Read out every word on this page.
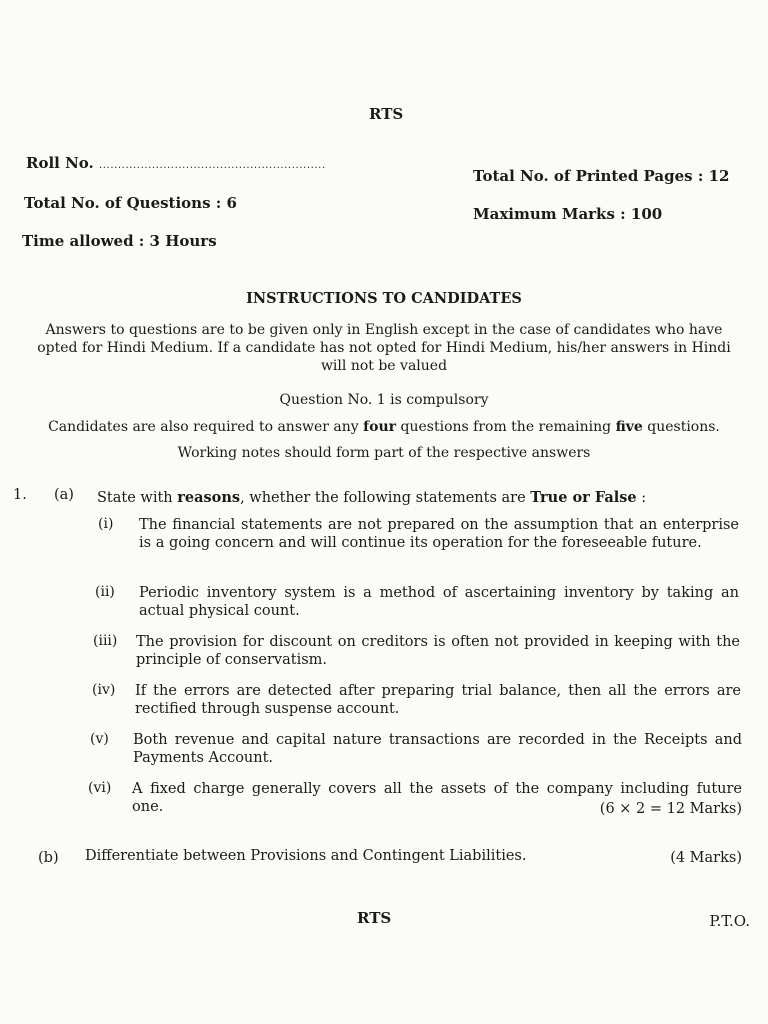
RTS
Roll No. ............................................................
Total No. of Printed Pages : 12
Total No. of Questions : 6
Maximum Marks : 100
Time allowed : 3 Hours
INSTRUCTIONS TO CANDIDATES
Answers to questions are to be given only in English except in the case of candidates who have opted for Hindi Medium. If a candidate has not opted for Hindi Medium, his/her answers in Hindi will not be valued
Question No. 1 is compulsory
Candidates are also required to answer any four questions from the remaining five questions.
Working notes should form part of the respective answers
1. (a) State with reasons, whether the following statements are True or False :
(i) The financial statements are not prepared on the assumption that an enterprise is a going concern and will continue its operation for the foreseeable future.
(ii) Periodic inventory system is a method of ascertaining inventory by taking an actual physical count.
(iii) The provision for discount on creditors is often not provided in keeping with the principle of conservatism.
(iv) If the errors are detected after preparing trial balance, then all the errors are rectified through suspense account.
(v) Both revenue and capital nature transactions are recorded in the Receipts and Payments Account.
(vi) A fixed charge generally covers all the assets of the company including future one.	(6 × 2 = 12 Marks)
(b) Differentiate between Provisions and Contingent Liabilities.	(4 Marks)
RTS	P.T.O.
